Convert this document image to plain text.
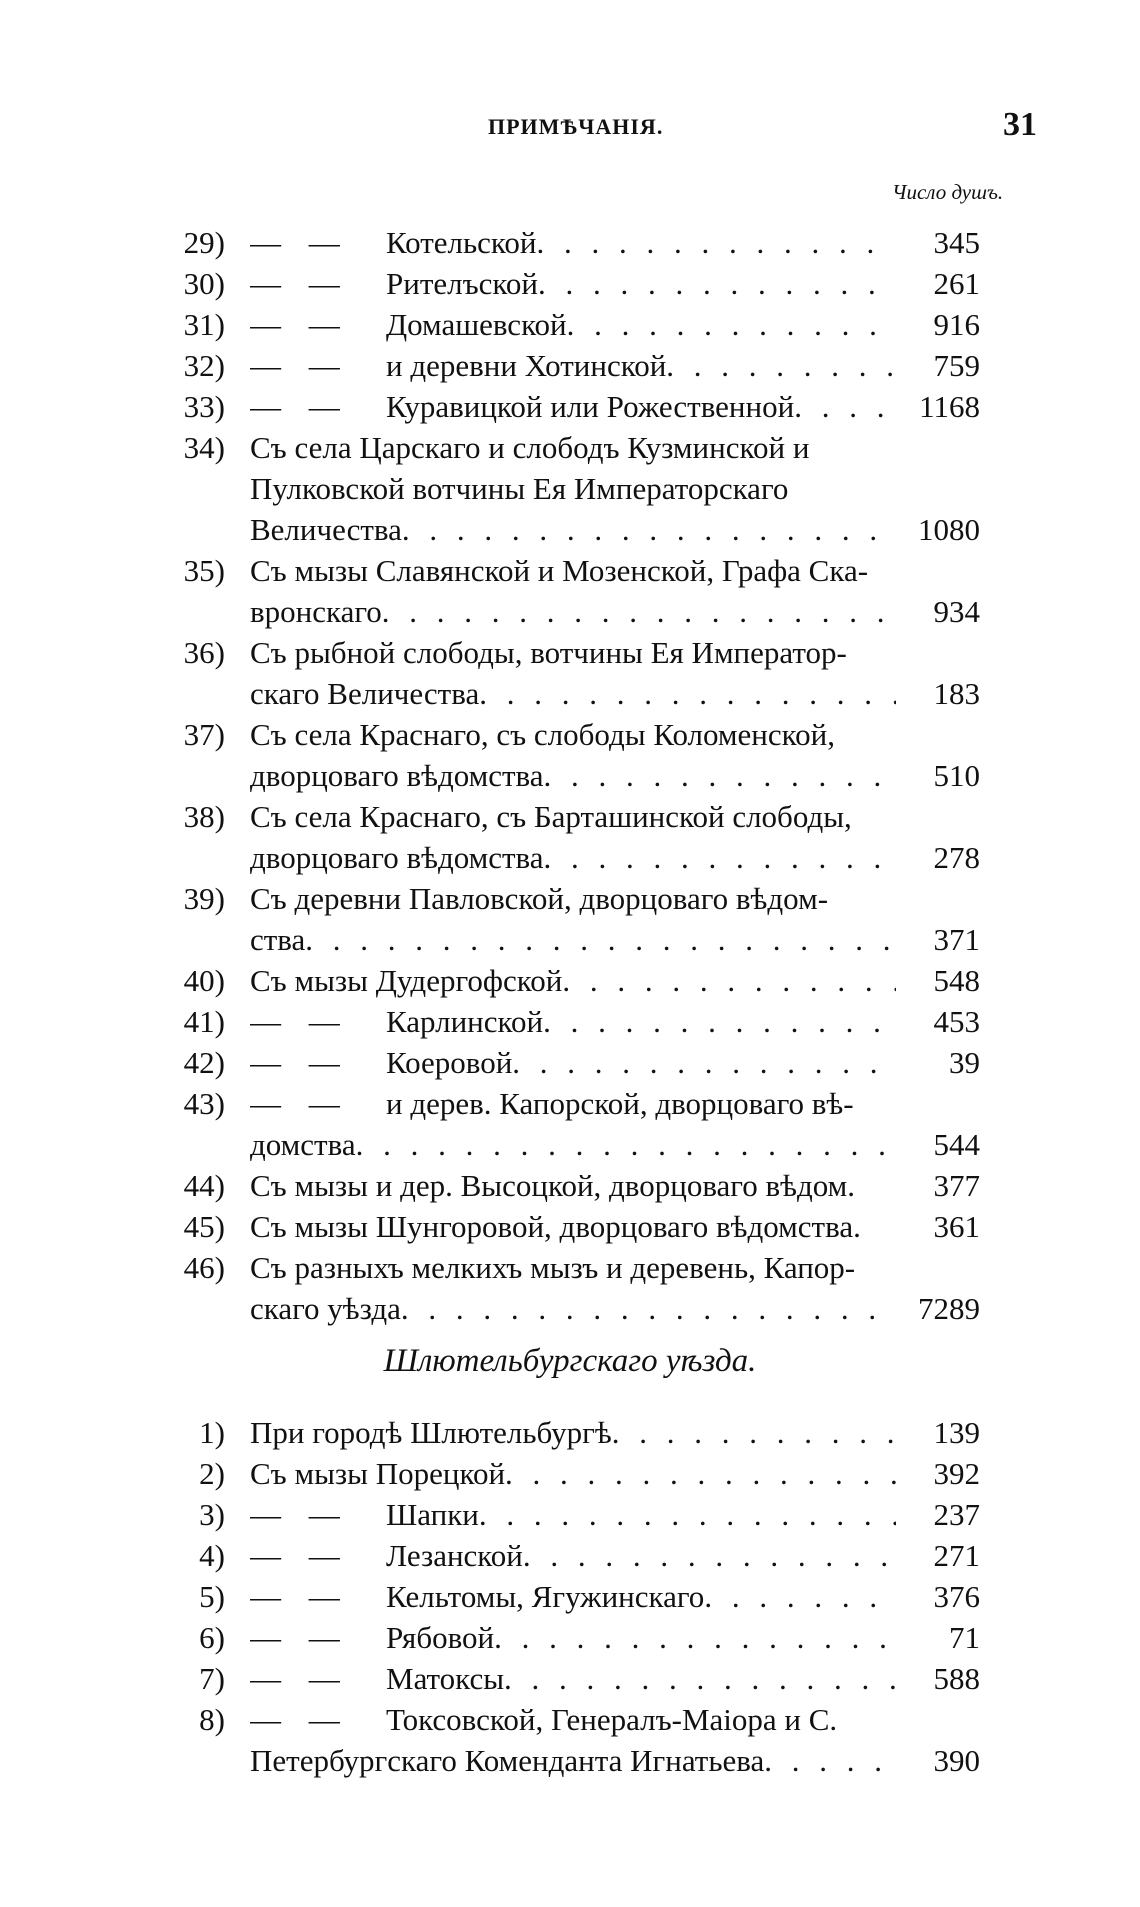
ПРИМѢЧАНІЯ.	31
Число душъ.
29) — — Котельской . . .	345
30) — — Рителъской . . .	261
31) — — Домашевской . . .	916
32) — — и деревни Хотинской . . .	759
33) — — Куравицкой или Рожественной . . .	1168
34) Съ села Царскаго и слободъ Кузминской и
Пулковской вотчины Ея Императорскаго
Величества . . .	1080
35) Съ мызы Славянской и Мозенской, Графа Ска-
вронскаго . . .	934
36) Съ рыбной слободы, вотчины Ея Император-
скаго Величества . . .	183
37) Съ села Краснаго, съ слободы Коломенской,
дворцоваго вѣдомства . . .	510
38) Съ села Краснаго, съ Барташинской слободы,
дворцоваго вѣдомства . . .	278
39) Съ деревни Павловской, дворцоваго вѣдом-
ства . . .	371
40) Съ мызы Дудергофской . . .	548
41) — — Карлинской . . .	453
42) — — Коеровой . . .	39
43) — — и дерев. Капорской, дворцоваго вѣ-
домства . . .	544
44) Съ мызы и дер. Высоцкой, дворцоваго вѣдом.	377
45) Съ мызы Шунгоровой, дворцоваго вѣдомства.	361
46) Съ разныхъ мелкихъ мызъ и деревень, Капор-
скаго уѣзда . . .	7289
Шлютельбургскаго уѣзда.
1) При городѣ Шлютельбургѣ . . .	139
2) Съ мызы Порецкой . . .	392
3) — — Шапки . . .	237
4) — — Лезанской . . .	271
5) — — Кельтомы, Ягужинскаго . . .	376
6) — — Рябовой . . .	71
7) — — Матоксы . . .	588
8) — — Токсовской, Генералъ-Маіора и С.
Петербургскаго Коменданта Игнатьева . . .	390
